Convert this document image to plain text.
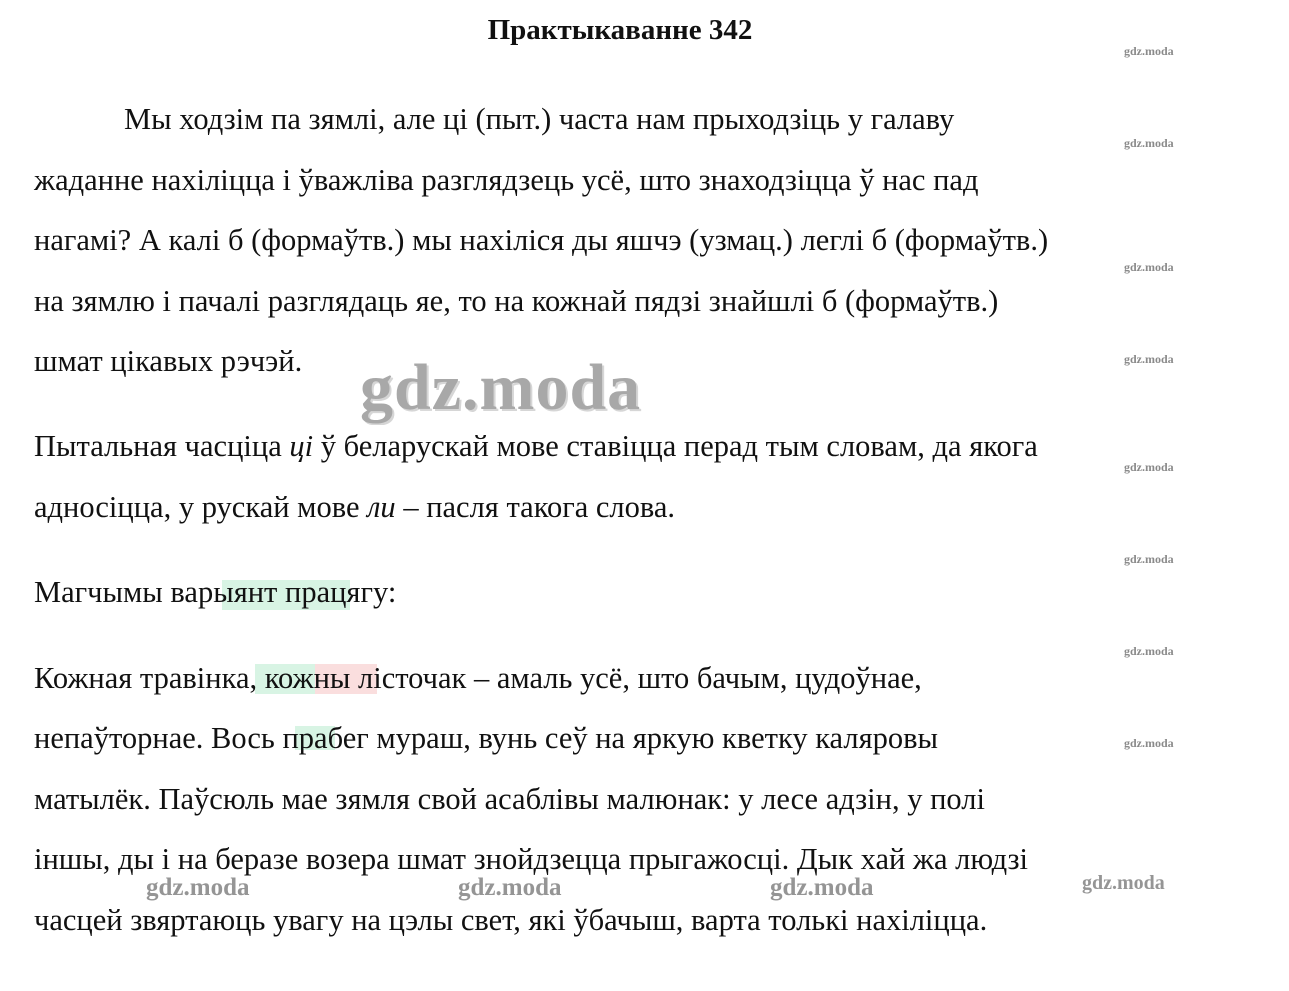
Практыкаванне 342
Мы ходзім па зямлі, але ці (пыт.) часта нам прыходзіць у галаву
жаданне нахіліцца і ўважліва разглядзець усё, што знаходзіцца ў нас пад
нагамі? А калі б (формаўтв.) мы нахіліся ды яшчэ (узмац.) леглі б (формаўтв.)
на зямлю і пачалі разглядаць яе, то на кожнай пядзі знайшлі б (формаўтв.)
шмат цікавых рэчэй.
Пытальная часціца ці ў беларускай мове ставіцца перад тым словам, да якога
адносіцца, у рускай мове ли – пасля такога слова.
Магчымы варыянт працягу:
Кожная травінка, кожны лісточак – амаль усё, што бачым, цудоўнае,
непаўторнае. Вось прабег мураш, вунь сеў на яркую кветку каляровы
матылёк. Паўсюль мае зямля свой асаблівы малюнак: у лесе адзін, у полі
іншы, ды і на беразе возера шмат знойдзецца прыгажосці. Дык хай жа людзі
часцей звяртаюць увагу на цэлы свет, які ўбачыш, варта толькі нахіліцца.
gdz.moda
gdz.moda
gdz.moda
gdz.moda
gdz.moda
gdz.moda
gdz.moda
gdz.moda
gdz.moda
gdz.moda	gdz.moda	gdz.moda	gdz.moda
